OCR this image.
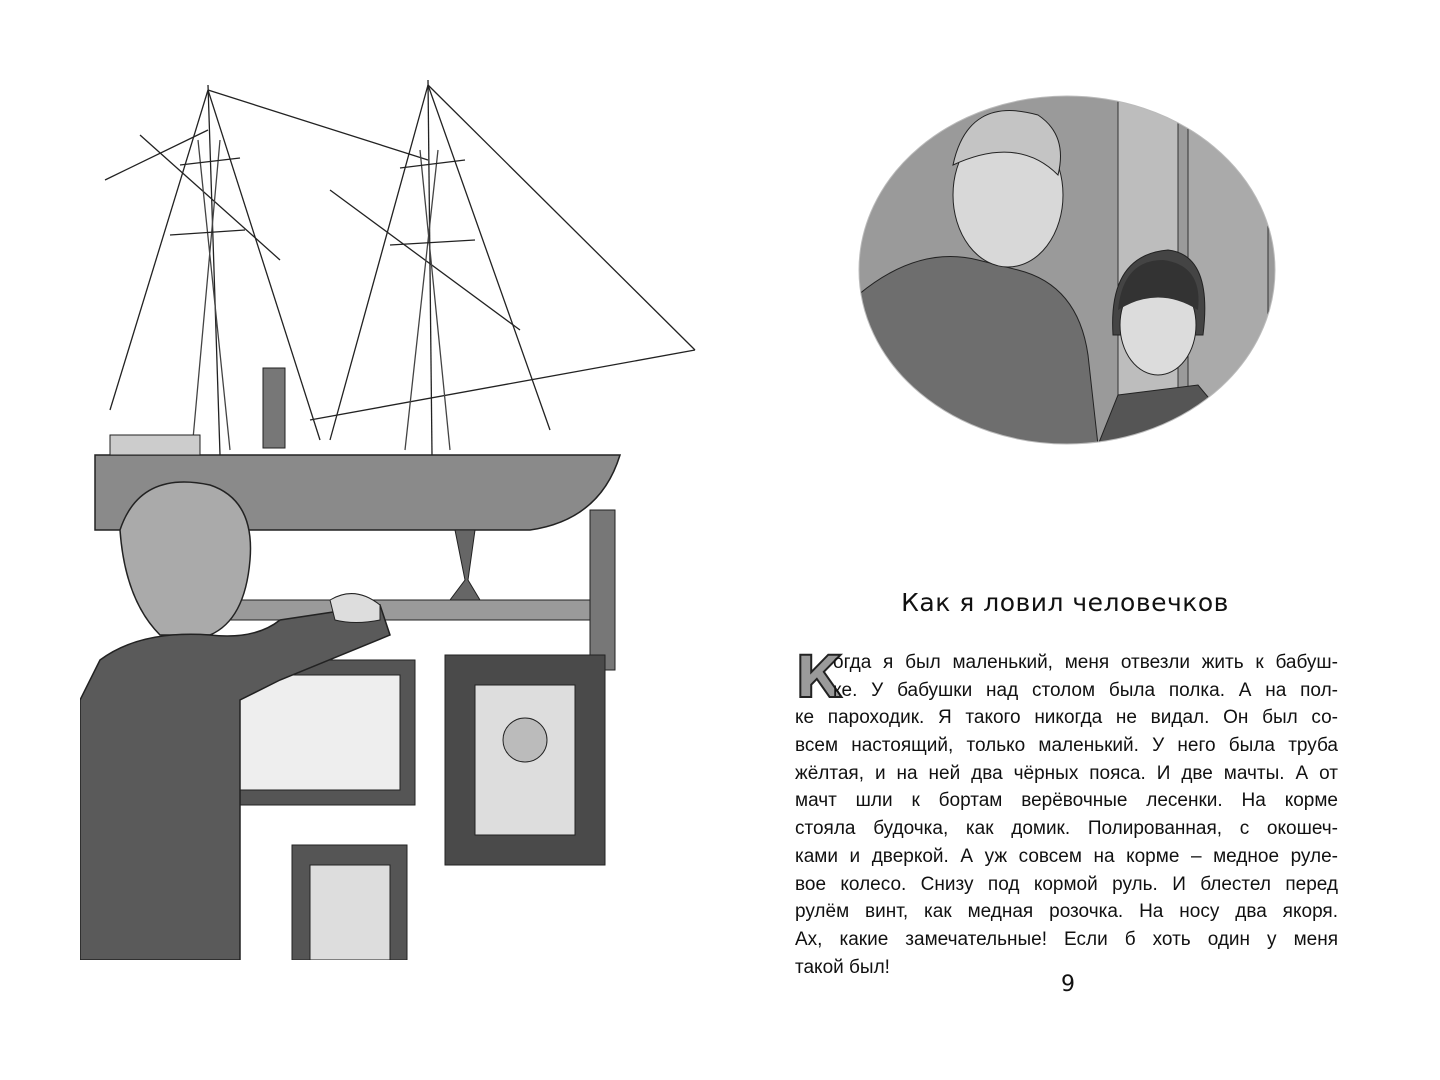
Как я ловил человечков
К
огда я был маленький, меня отвезли жить к бабуш-
ке. У бабушки над столом была полка. А на пол-
ке пароходик. Я такого никогда не видал. Он был со-
всем настоящий, только маленький. У него была труба
жёлтая, и на ней два чёрных пояса. И две мачты. А от
мачт шли к бортам верёвочные лесенки. На корме
стояла будочка, как домик. Полированная, с окошеч-
ками и дверкой. А уж совсем на корме – медное руле-
вое колесо. Снизу под кормой руль. И блестел перед
рулём винт, как медная розочка. На носу два якоря.
Ах, какие замечательные! Если б хоть один у меня
такой был!
9
